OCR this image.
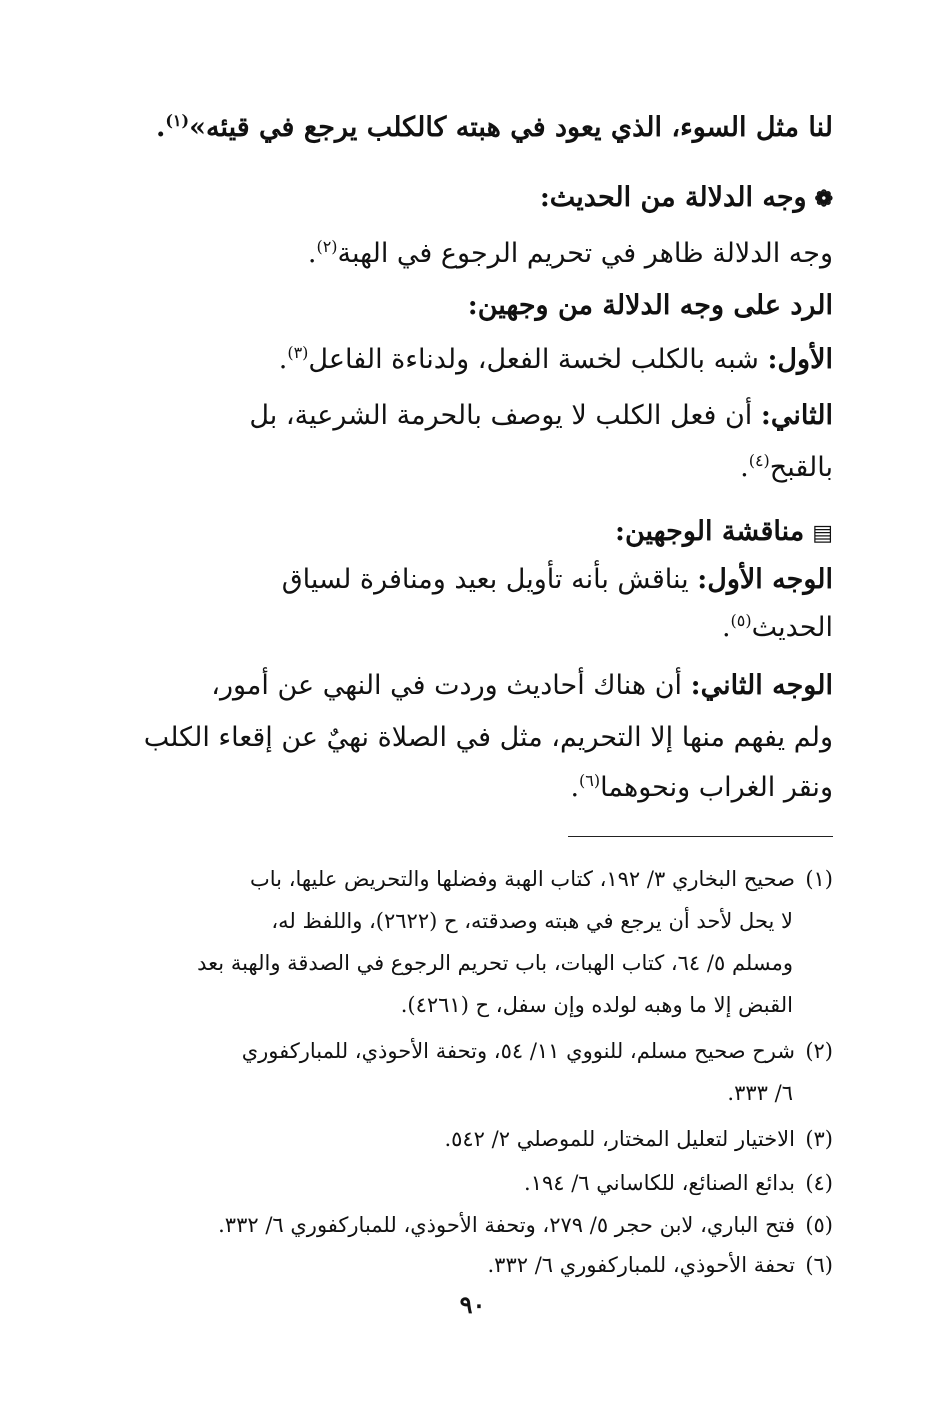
لنا مثل السوء، الذي يعود في هبته كالكلب يرجع في قيئه»$^{(١)}$.
❁وجه الدلالة من الحديث:
وجه الدلالة ظاهر في تحريم الرجوع في الهبة$^{(٢)}$.
الرد على وجه الدلالة من وجهين:
الأول: شبه بالكلب لخسة الفعل، ولدناءة الفاعل$^{(٣)}$.
الثاني: أن فعل الكلب لا يوصف بالحرمة الشرعية، بل
بالقبح$^{(٤)}$.
▤مناقشة الوجهين:
الوجه الأول: يناقش بأنه تأويل بعيد ومنافرة لسياق
الحديث$^{(٥)}$.
الوجه الثاني: أن هناك أحاديث وردت في النهي عن أمور،
ولم يفهم منها إلا التحريم، مثل في الصلاة نهيٌ عن إقعاء الكلب
ونقر الغراب ونحوهما$^{(٦)}$.
(١)صحيح البخاري ٣/ ١٩٢، كتاب الهبة وفضلها والتحريض عليها، باب
لا يحل لأحد أن يرجع في هبته وصدقته، ح (٢٦٢٢)، واللفظ له،
ومسلم ٥/ ٦٤، كتاب الهبات، باب تحريم الرجوع في الصدقة والهبة بعد
القبض إلا ما وهبه لولده وإن سفل، ح (٤٢٦١).
(٢)شرح صحيح مسلم، للنووي ١١/ ٥٤، وتحفة الأحوذي، للمباركفوري
٦/ ٣٣٣.
(٣)الاختيار لتعليل المختار، للموصلي ٢/ ٥٤٢.
(٤)بدائع الصنائع، للكاساني ٦/ ١٩٤.
(٥)فتح الباري، لابن حجر ٥/ ٢٧٩، وتحفة الأحوذي، للمباركفوري ٦/ ٣٣٢.
(٦)تحفة الأحوذي، للمباركفوري ٦/ ٣٣٢.
٩٠
